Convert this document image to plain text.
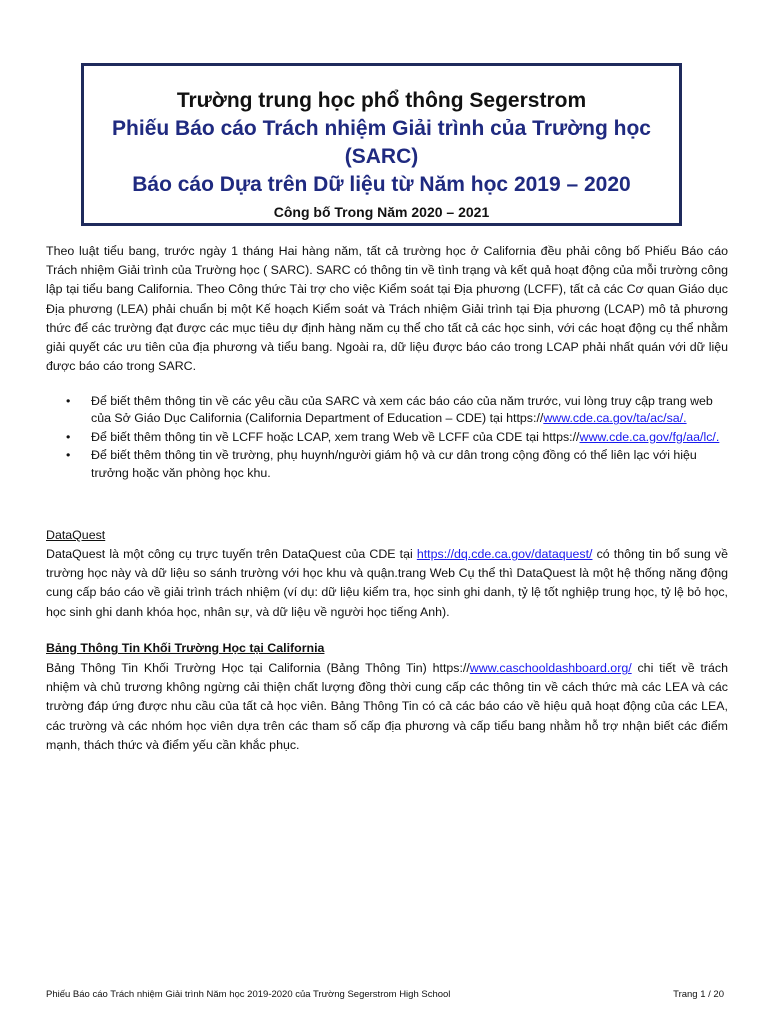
Trường trung học phổ thông Segerstrom
Phiếu Báo cáo Trách nhiệm Giải trình của Trường học
(SARC)
Báo cáo Dựa trên Dữ liệu từ Năm học 2019 – 2020
Công bố Trong Năm 2020 – 2021

Theo luật tiểu bang, trước ngày 1 tháng Hai hàng năm, tất cả trường học ở California đều phải công bố Phiếu Báo cáo Trách nhiệm Giải trình của Trường học ( SARC). SARC có thông tin về tình trạng và kết quả hoạt động của mỗi trường công lập tại tiểu bang California. Theo Công thức Tài trợ cho việc Kiểm soát tại Địa phương (LCFF), tất cả các Cơ quan Giáo dục Địa phương (LEA) phải chuẩn bị một Kế hoạch Kiểm soát và Trách nhiệm Giải trình tại Địa phương (LCAP) mô tả phương thức để các trường đạt được các mục tiêu dự định hàng năm cụ thể cho tất cả các học sinh, với các hoạt động cụ thể nhằm giải quyết các ưu tiên của địa phương và tiểu bang. Ngoài ra, dữ liệu được báo cáo trong LCAP phải nhất quán với dữ liệu được báo cáo trong SARC.

• Để biết thêm thông tin về các yêu cầu của SARC và xem các báo cáo của năm trước, vui lòng truy cập trang web của Sở Giáo Dục California (California Department of Education – CDE) tại https://www.cde.ca.gov/ta/ac/sa/.
• Để biết thêm thông tin về LCFF hoặc LCAP, xem trang Web về LCFF của CDE tại https://www.cde.ca.gov/fg/aa/lc/.
• Để biết thêm thông tin về trường, phụ huynh/người giám hộ và cư dân trong cộng đồng có thể liên lạc với hiệu trưởng hoặc văn phòng học khu.
DataQuest

DataQuest là một công cụ trực tuyến trên DataQuest của CDE tại https://dq.cde.ca.gov/dataquest/ có thông tin bổ sung về trường học này và dữ liệu so sánh trường với học khu và quận.trang Web Cụ thể thì DataQuest là một hệ thống năng động cung cấp báo cáo về giải trình trách nhiệm (ví dụ: dữ liệu kiểm tra, học sinh ghi danh, tỷ lệ tốt nghiệp trung học, tỷ lệ bỏ học, học sinh ghi danh khóa học, nhân sự, và dữ liệu về người học tiếng Anh).

Bảng Thông Tin Khối Trường Học tại California

Bảng Thông Tin Khối Trường Học tại California (Bảng Thông Tin) https://www.caschooldashboard.org/ chi tiết về trách nhiệm và chủ trương không ngừng cải thiện chất lượng đồng thời cung cấp các thông tin về cách thức mà các LEA và các trường đáp ứng được nhu cầu của tất cả học viên. Bảng Thông Tin có cả các báo cáo về hiệu quả hoạt động của các LEA, các trường và các nhóm học viên dựa trên các tham số cấp địa phương và cấp tiểu bang nhằm hỗ trợ nhận biết các điểm mạnh, thách thức và điểm yếu cần khắc phục.

Phiếu Báo cáo Trách nhiệm Giải trình Năm học 2019-2020 của Trường Segerstrom High School	Trang 1 / 20
